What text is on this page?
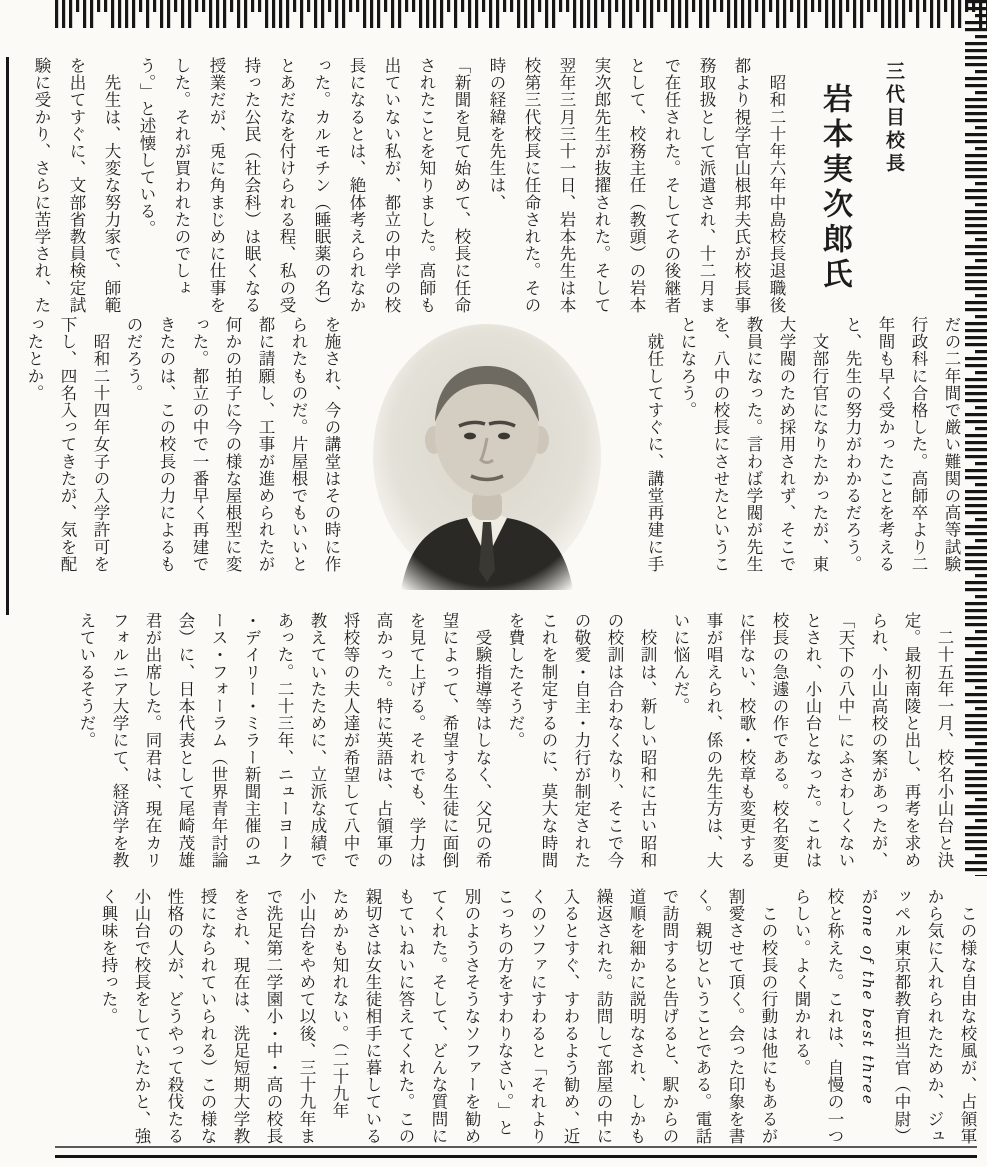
三代目校長
岩本実次郎氏
　昭和二十年六年中島校長退職後
都より視学官山根邦夫氏が校長事
務取扱として派遣され、十二月ま
で在任された。そしてその後継者
として、校務主任（教頭）の岩本
実次郎先生が抜擢された。そして
翌年三月三十一日、岩本先生は本
校第三代校長に任命された。その
時の経緯を先生は、
「新聞を見て始めて、校長に任命
されたことを知りました。高師も
出ていない私が、都立の中学の校
長になるとは、絶体考えられなか
った。カルモチン（睡眠薬の名）
とあだなを付けられる程、私の受
持った公民（社会科）は眠くなる
授業だが、兎に角まじめに仕事を
した。それが買われたのでしょ
う。」と述懐している。
　先生は、大変な努力家で、師範
を出てすぐに、文部省教員検定試
験に受かり、さらに苦学され、た
を施され、今の講堂はその時に作
られたものだ。片屋根でもいいと
都に請願し、工事が進められたが
何かの拍子に今の様な屋根型に変
った。都立の中で一番早く再建で
きたのは、この校長の力によるも
のだろう。
　昭和二十四年女子の入学許可を
下し、四名入ってきたが、気を配
ったとか。	だの二年間で厳い難関の高等試験
行政科に合格した。高師卒より二
年間も早く受かったことを考える
と、先生の努力がわかるだろう。
　文部行官になりたかったが、東
大学閥のため採用されず、そこで
教員になった。言わば学閥が先生
を、八中の校長にさせたというこ
とになろう。
　就任してすぐに、講堂再建に手
　二十五年一月、校名小山台と決
定。最初南陵と出し、再考を求め
られ、小山高校の案があったが、
「天下の八中」にふさわしくない
とされ、小山台となった。これは
校長の急遽の作である。校名変更
に伴ない、校歌・校章も変更する
事が唱えられ、係の先生方は、大
いに悩んだ。
　校訓は、新しい昭和に古い昭和
の校訓は合わなくなり、そこで今
の敬愛・自主・力行が制定された
これを制定するのに、莫大な時間
を費したそうだ。
　受験指導等はしなく、父兄の希
望によって、希望する生徒に面倒
を見て上げる。それでも、学力は
高かった。特に英語は、占領軍の
将校等の夫人達が希望して八中で
教えていたために、立派な成績で
あった。二十三年、ニューヨーク
・デイリー・ミラー新聞主催のユ
ース・フォーラム（世界青年討論
会）に、日本代表として尾崎茂雄
君が出席した。同君は、現在カリ
フォルニア大学にて、経済学を教
えているそうだ。
　この様な自由な校風が、占領軍
から気に入れられたためか、ジュ
ッペル東京都教育担当官（中尉）
がone of the best three
校と称えた。これは、自慢の一つ
らしい。よく聞かれる。
　この校長の行動は他にもあるが
割愛させて頂く。会った印象を書
く。親切ということである。電話
で訪問すると告げると、駅からの
道順を細かに説明なされ、しかも
繰返された。訪問して部屋の中に
入るとすぐ、すわるよう勧め、近
くのソファにすわると「それより
こっちの方をすわりなさい。」と
別のようさそうなソファーを勧め
てくれた。そして、どんな質問に
もていねいに答えてくれた。この
親切さは女生徒相手に暮している
ためかも知れない。（二十九年
小山台をやめて以後、三十九年ま
で洗足第二学園小・中・高の校長
をされ、現在は、洗足短期大学教
授になられていられる）この様な
性格の人が、どうやって殺伐たる
小山台で校長をしていたかと、強
く興味を持った。
